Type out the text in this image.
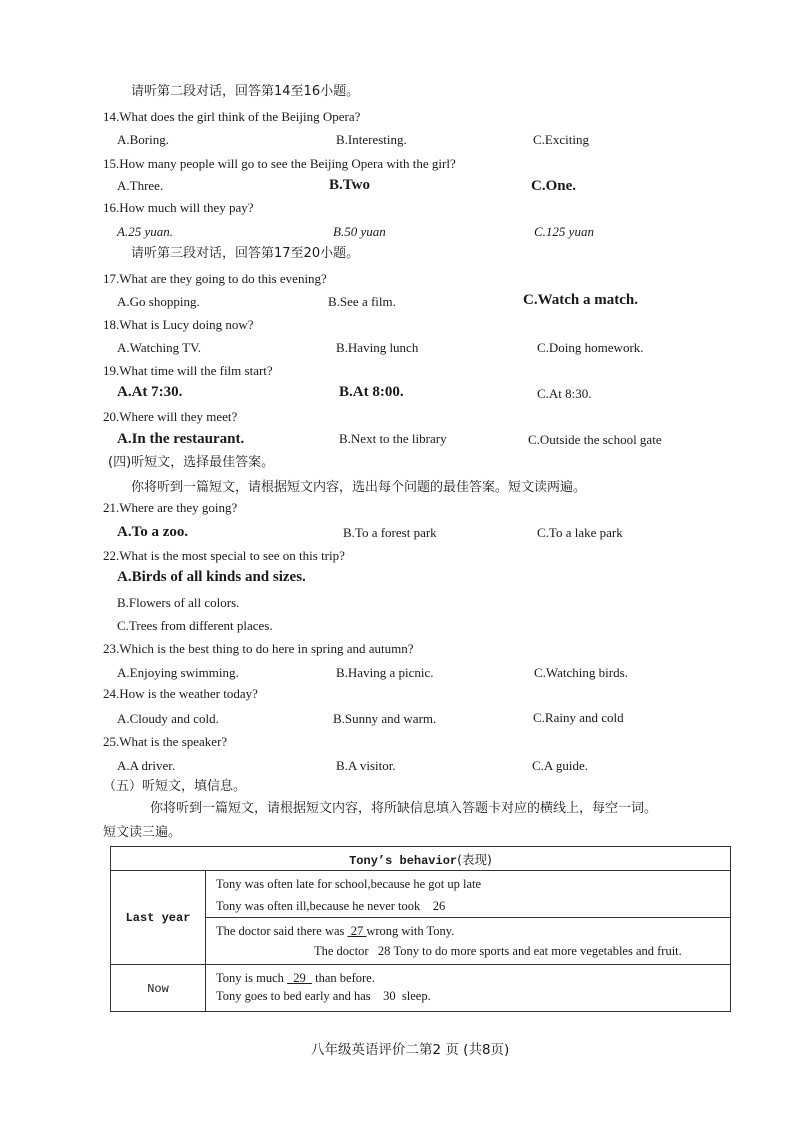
请听第二段对话，回答第14至16小题。
14.What does the girl think of the Beijing Opera?
A.Boring.	B.Interesting.	C.Exciting
15.How many people will go to see the Beijing Opera with the girl?
A.Three.	B.Two	C.One.
16.How much will they pay?
A.25 yuan.	B.50 yuan	C.125 yuan
请听第三段对话，回答第17至20小题。
17.What are they going to do this evening?
A.Go shopping.	B.See a film.	C.Watch a match.
18.What is Lucy doing now?
A.Watching TV.	B.Having lunch	C.Doing homework.
19.What time will the film start?
A.At 7:30.	B.At 8:00.	C.At 8:30.
20.Where will they meet?
A.In the restaurant.	B.Next to the library	C.Outside the school gate
(四)听短文，选择最佳答案。
你将听到一篇短文，请根据短文内容，选出每个问题的最佳答案。短文读两遍。
21.Where are they going?
A.To a zoo.	B.To a forest park	C.To a lake park
22.What is the most special to see on this trip?
A.Birds of all kinds and sizes.
B.Flowers of all colors.
C.Trees from different places.
23.Which is the best thing to do here in spring and autumn?
A.Enjoying swimming.	B.Having a picnic.	C.Watching birds.
24.How is the weather today?
A.Cloudy and cold.	B.Sunny and warm.	C.Rainy and cold
25.What is the speaker?
A.A driver.	B.A visitor.	C.A guide.
（五）听短文，填信息。
你将听到一篇短文，请根据短文内容，将所缺信息填入答题卡对应的横线上，每空一词。
短文读三遍。
Tony’s behavior(表现)	
Last year	Tony was often late for school,because he got up late
Tony was often ill,because he never took 26

	The doctor said there was 27 wrong with Tony.
The doctor 28 Tony to do more sports and eat more vegetables and fruit.

Now	Tony is much 29 than before.
Tony goes to bed early and has 30 sleep.
八年级英语评价二第2 页 (共8页)
